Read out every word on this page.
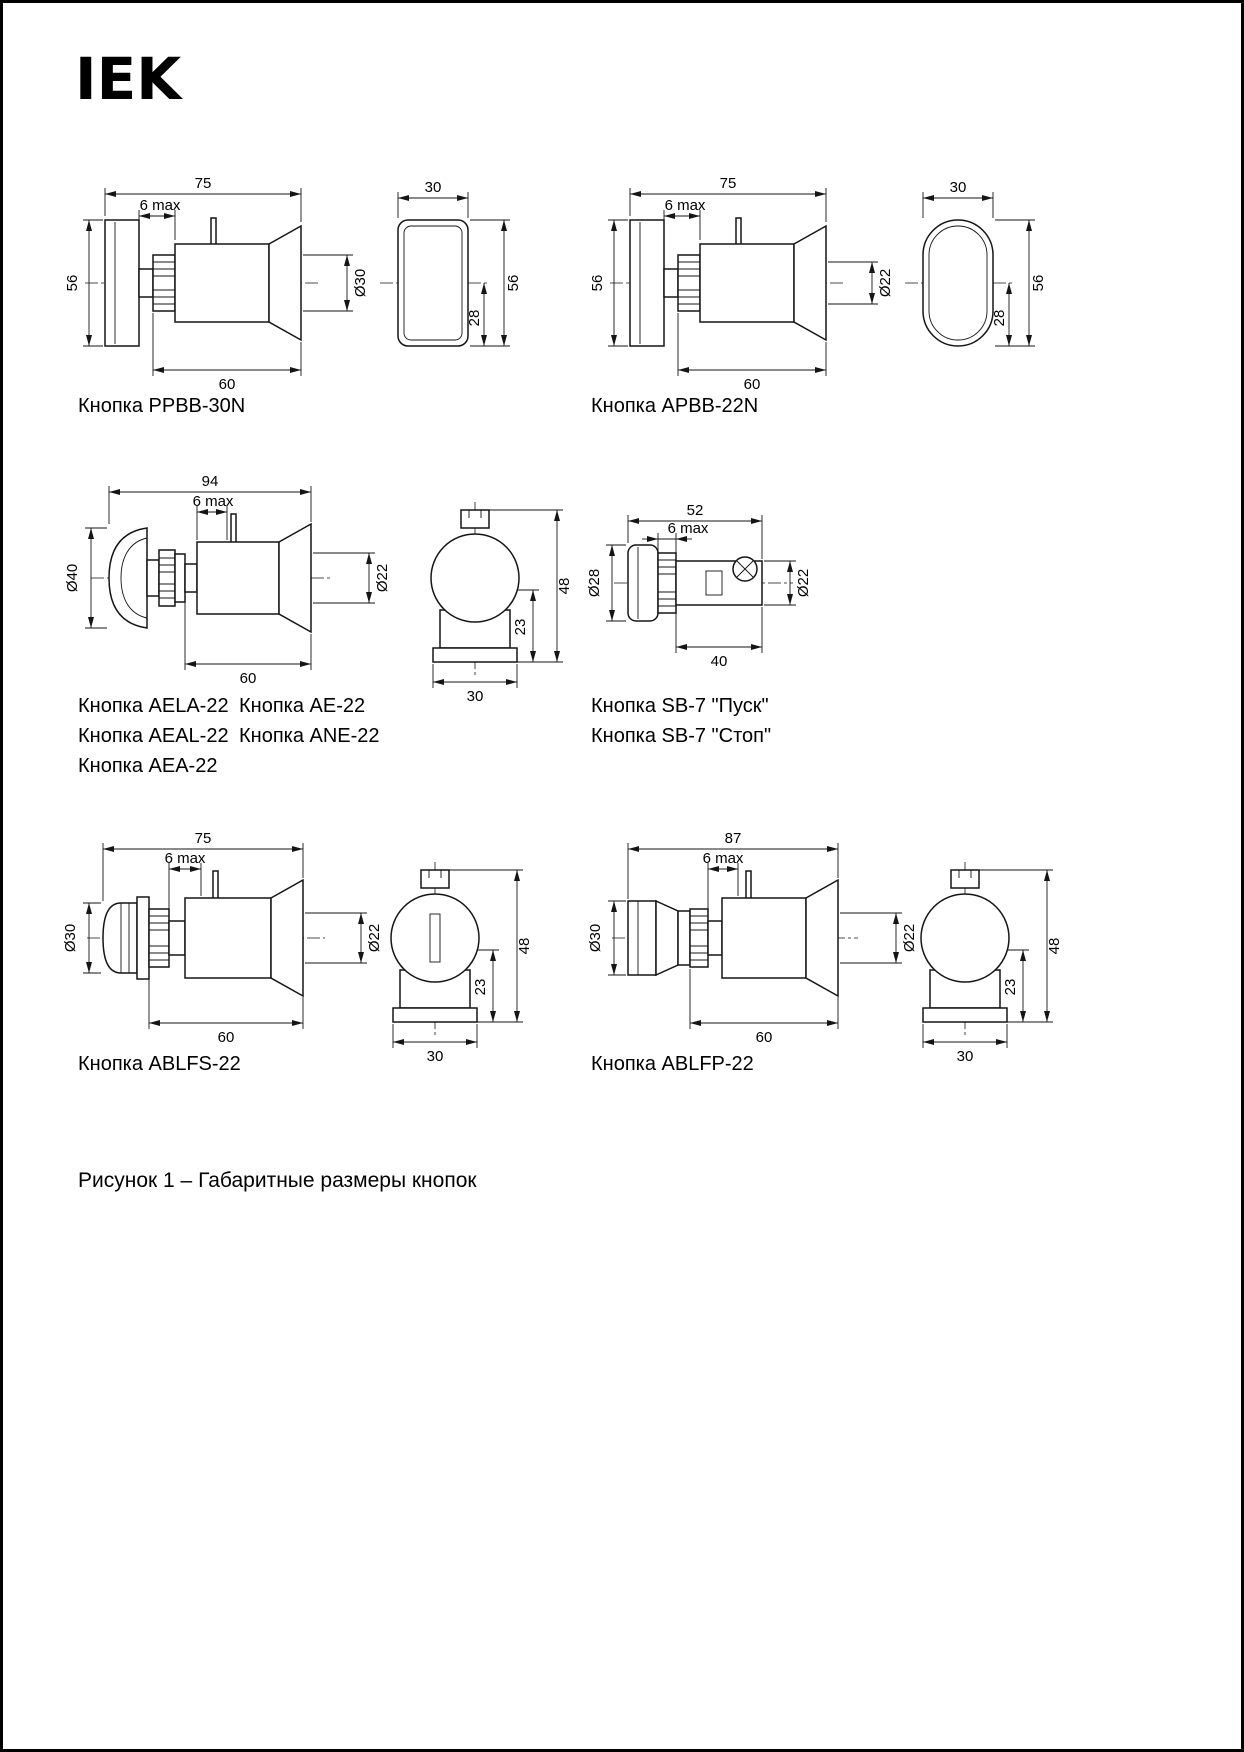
IEK
75
6 max
56	Ø30
60
30
56
28
Кнопка PPBB-30N
75
6 max
56	Ø22
60
30
56
28
Кнопка APBB-22N
94
6 max
Ø40	Ø22
60
30
23
48
Кнопка AELA-22
Кнопка AEAL-22
Кнопка AEA-22
Кнопка AE-22
Кнопка ANE-22
52
6 max
Ø28	Ø22
40
Кнопка SB-7 "Пуск"
Кнопка SB-7 "Стоп"
75
6 max
Ø30	Ø22
60
30
23
48
Кнопка ABLFS-22
87
6 max
Ø30	Ø22
60
30
23
48
Кнопка ABLFP-22
Рисунок 1 – Габаритные размеры кнопок
